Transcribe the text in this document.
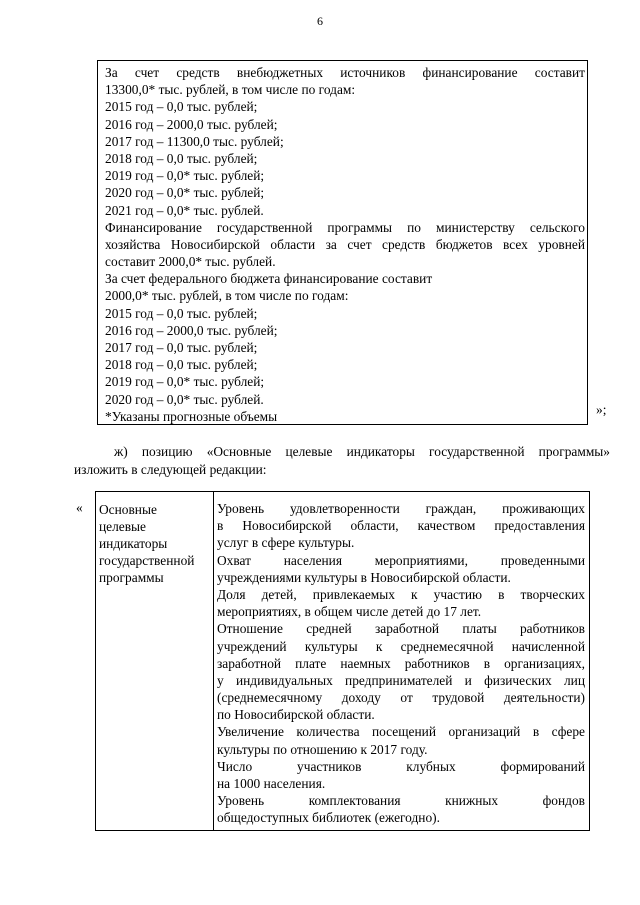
6
За счет средств внебюджетных источников финансирование составит
13300,0* тыс. рублей, в том числе по годам:
2015 год – 0,0 тыс. рублей;
2016 год – 2000,0 тыс. рублей;
2017 год – 11300,0 тыс. рублей;
2018 год – 0,0 тыс. рублей;
2019 год – 0,0* тыс. рублей;
2020 год – 0,0* тыс. рублей;
2021 год – 0,0* тыс. рублей.
Финансирование государственной программы по министерству сельского
хозяйства Новосибирской области за счет средств бюджетов всех уровней
составит 2000,0* тыс. рублей.
За счет федерального бюджета финансирование составит
2000,0* тыс. рублей, в том числе по годам:
2015 год – 0,0 тыс. рублей;
2016 год – 2000,0 тыс. рублей;
2017 год – 0,0 тыс. рублей;
2018 год – 0,0 тыс. рублей;
2019 год – 0,0* тыс. рублей;
2020 год – 0,0* тыс. рублей.
*Указаны прогнозные объемы	»;
ж) позицию «Основные целевые индикаторы государственной программы»
изложить в следующей редакции:
« Основные
целевые
индикаторы
государственной
программы
Уровень удовлетворенности граждан, проживающих
в Новосибирской области, качеством предоставления
услуг в сфере культуры.
Охват населения мероприятиями, проведенными
учреждениями культуры в Новосибирской области.
Доля детей, привлекаемых к участию в творческих
мероприятиях, в общем числе детей до 17 лет.
Отношение средней заработной платы работников
учреждений культуры к среднемесячной начисленной
заработной плате наемных работников в организациях,
у индивидуальных предпринимателей и физических лиц
(среднемесячному доходу от трудовой деятельности)
по Новосибирской области.
Увеличение количества посещений организаций в сфере
культуры по отношению к 2017 году.
Число участников клубных формирований
на 1000 населения.
Уровень комплектования книжных фондов
общедоступных библиотек (ежегодно).
